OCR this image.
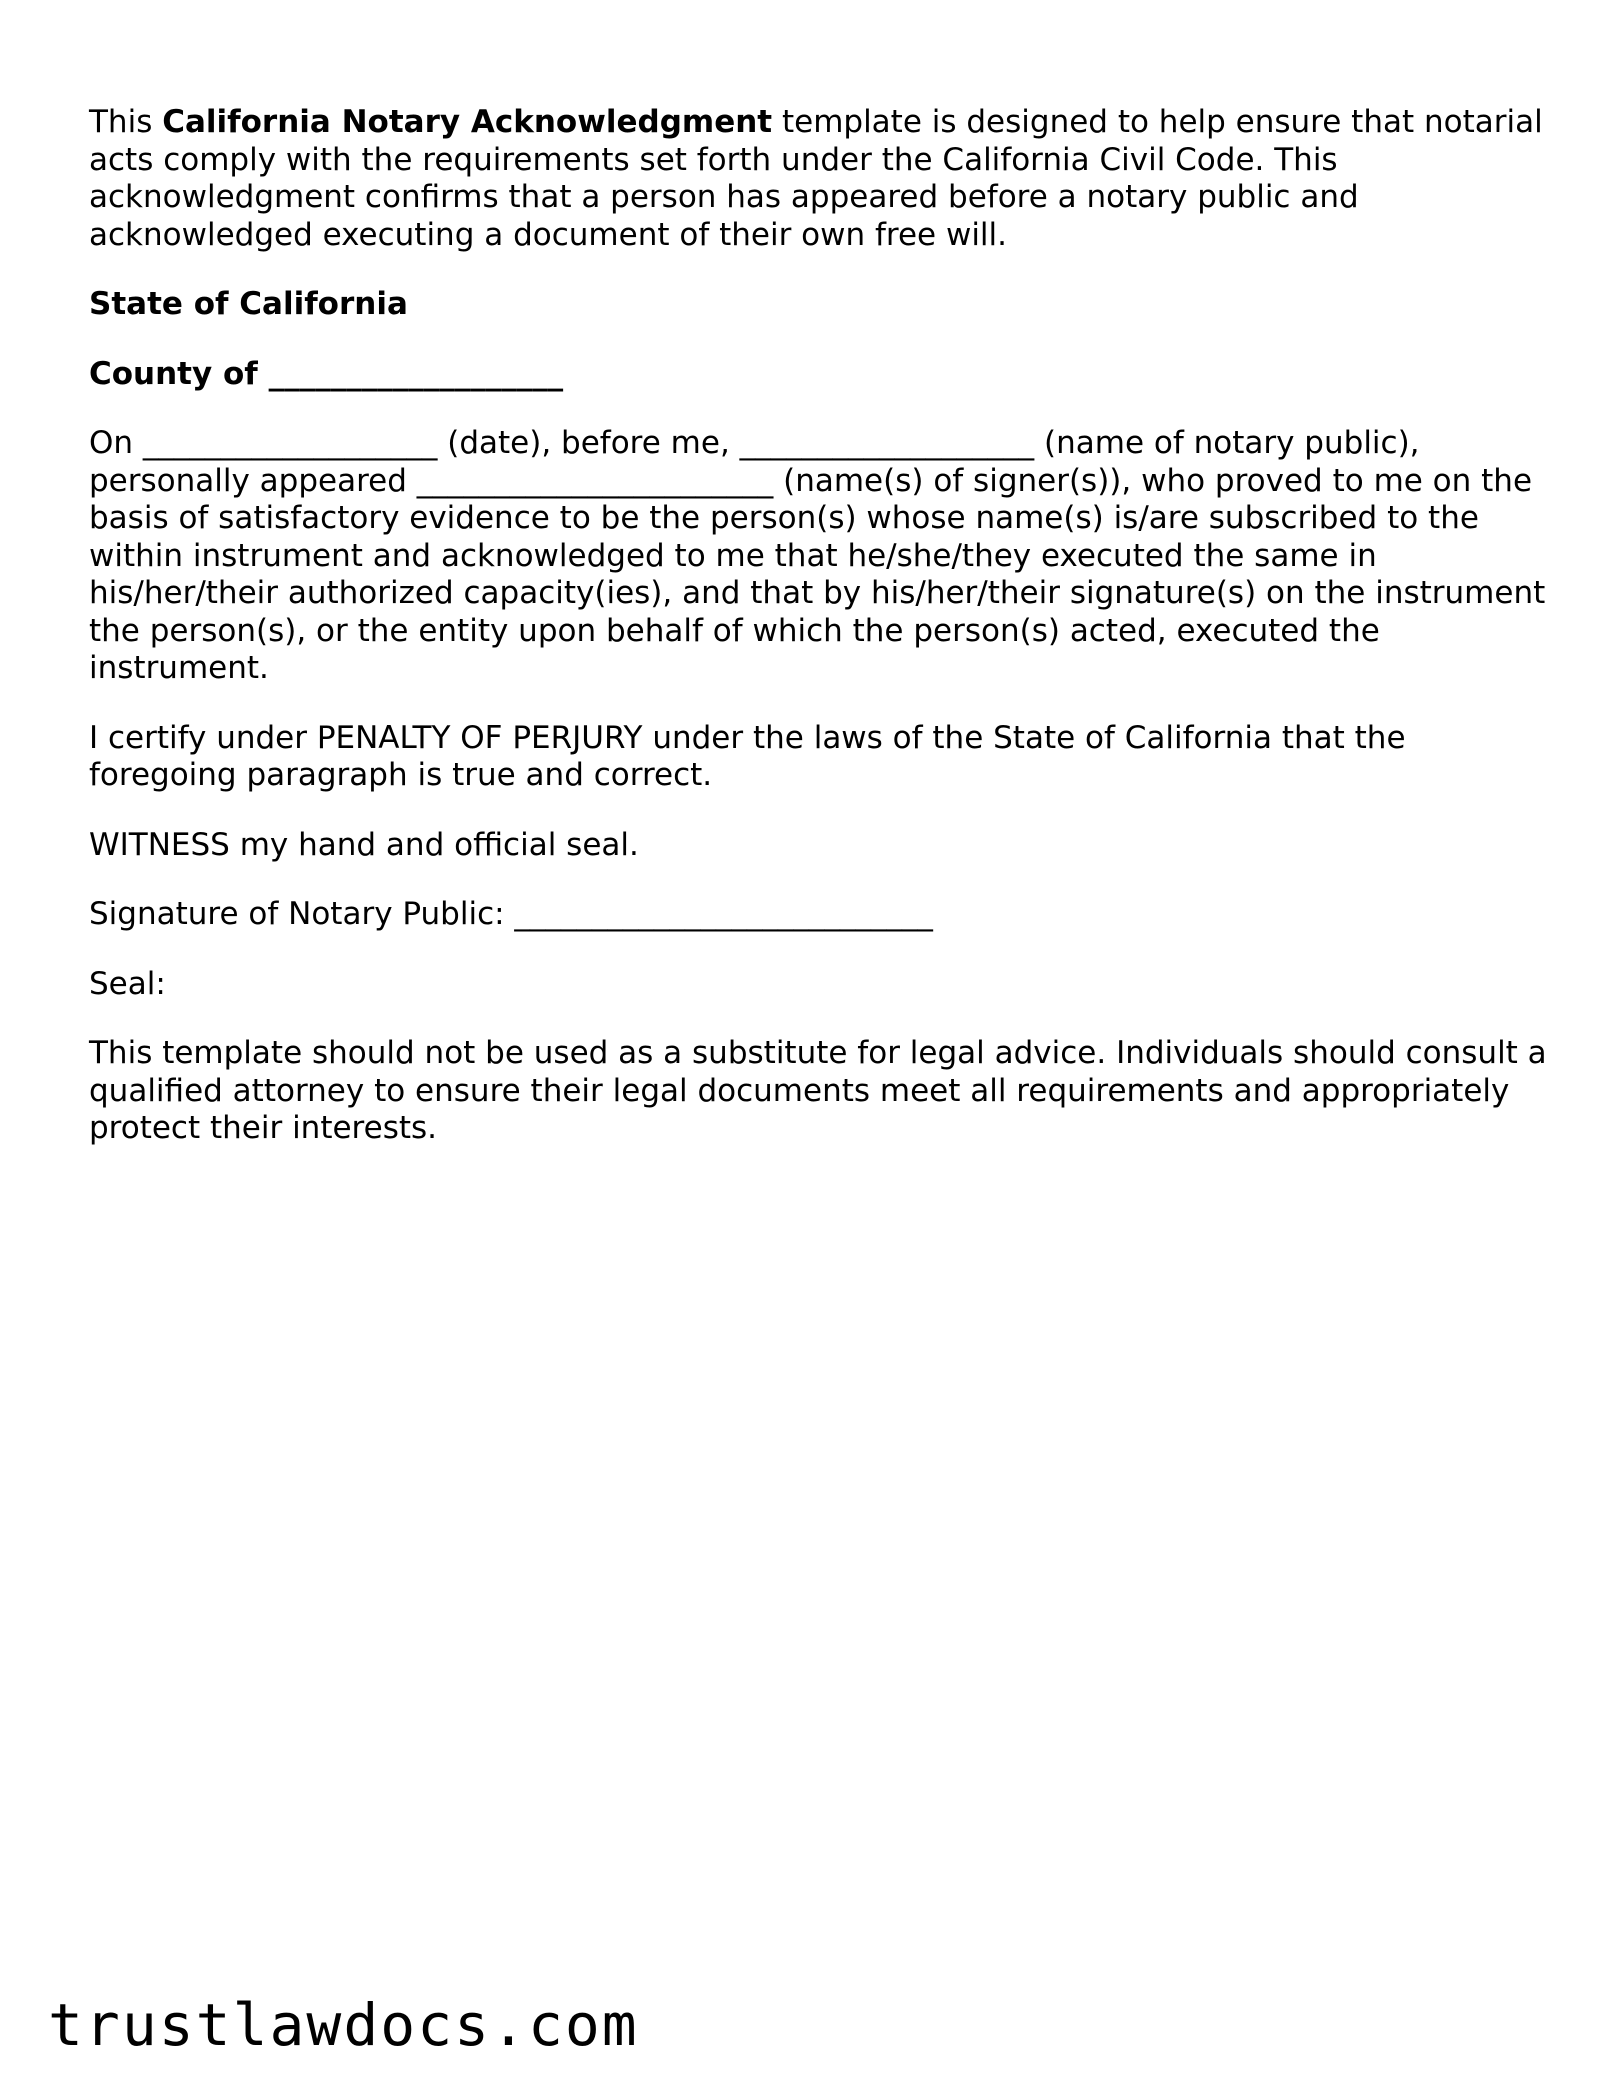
This California Notary Acknowledgment template is designed to help ensure that notarial acts comply with the requirements set forth under the California Civil Code. This acknowledgment confirms that a person has appeared before a notary public and acknowledged executing a document of their own free will.

State of California

County of ___________________

On ___________________ (date), before me, ___________________ (name of notary public), personally appeared _______________________ (name(s) of signer(s)), who proved to me on the basis of satisfactory evidence to be the person(s) whose name(s) is/are subscribed to the within instrument and acknowledged to me that he/she/they executed the same in his/her/their authorized capacity(ies), and that by his/her/their signature(s) on the instrument the person(s), or the entity upon behalf of which the person(s) acted, executed the instrument.

I certify under PENALTY OF PERJURY under the laws of the State of California that the foregoing paragraph is true and correct.

WITNESS my hand and official seal.

Signature of Notary Public: ___________________________

Seal:

This template should not be used as a substitute for legal advice. Individuals should consult a qualified attorney to ensure their legal documents meet all requirements and appropriately protect their interests.

trustlawdocs.com
